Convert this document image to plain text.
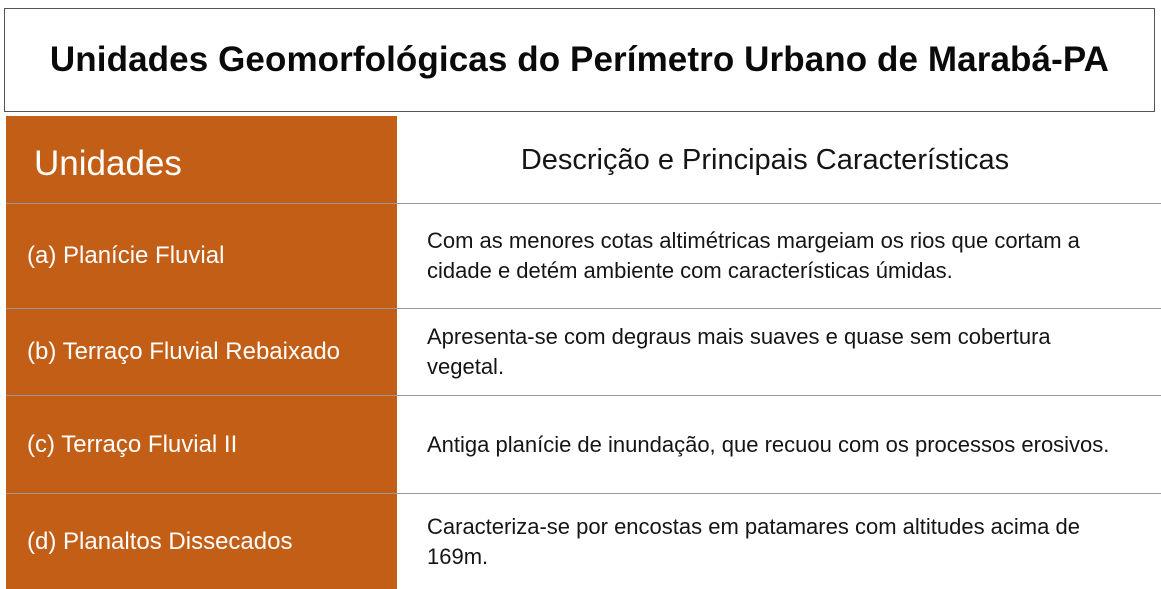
Unidades Geomorfológicas do Perímetro Urbano de Marabá-PA
Unidades	Descrição e Principais Características
(a) Planície Fluvial
Com as menores cotas altimétricas margeiam os rios que cortam a cidade e detém ambiente com características úmidas.
(b) Terraço Fluvial Rebaixado
Apresenta-se com degraus mais suaves e quase sem cobertura vegetal.
(c) Terraço Fluvial II	Antiga planície de inundação, que recuou com os processos erosivos.
(d) Planaltos Dissecados
Caracteriza-se por encostas em patamares com altitudes acima de 169m.
